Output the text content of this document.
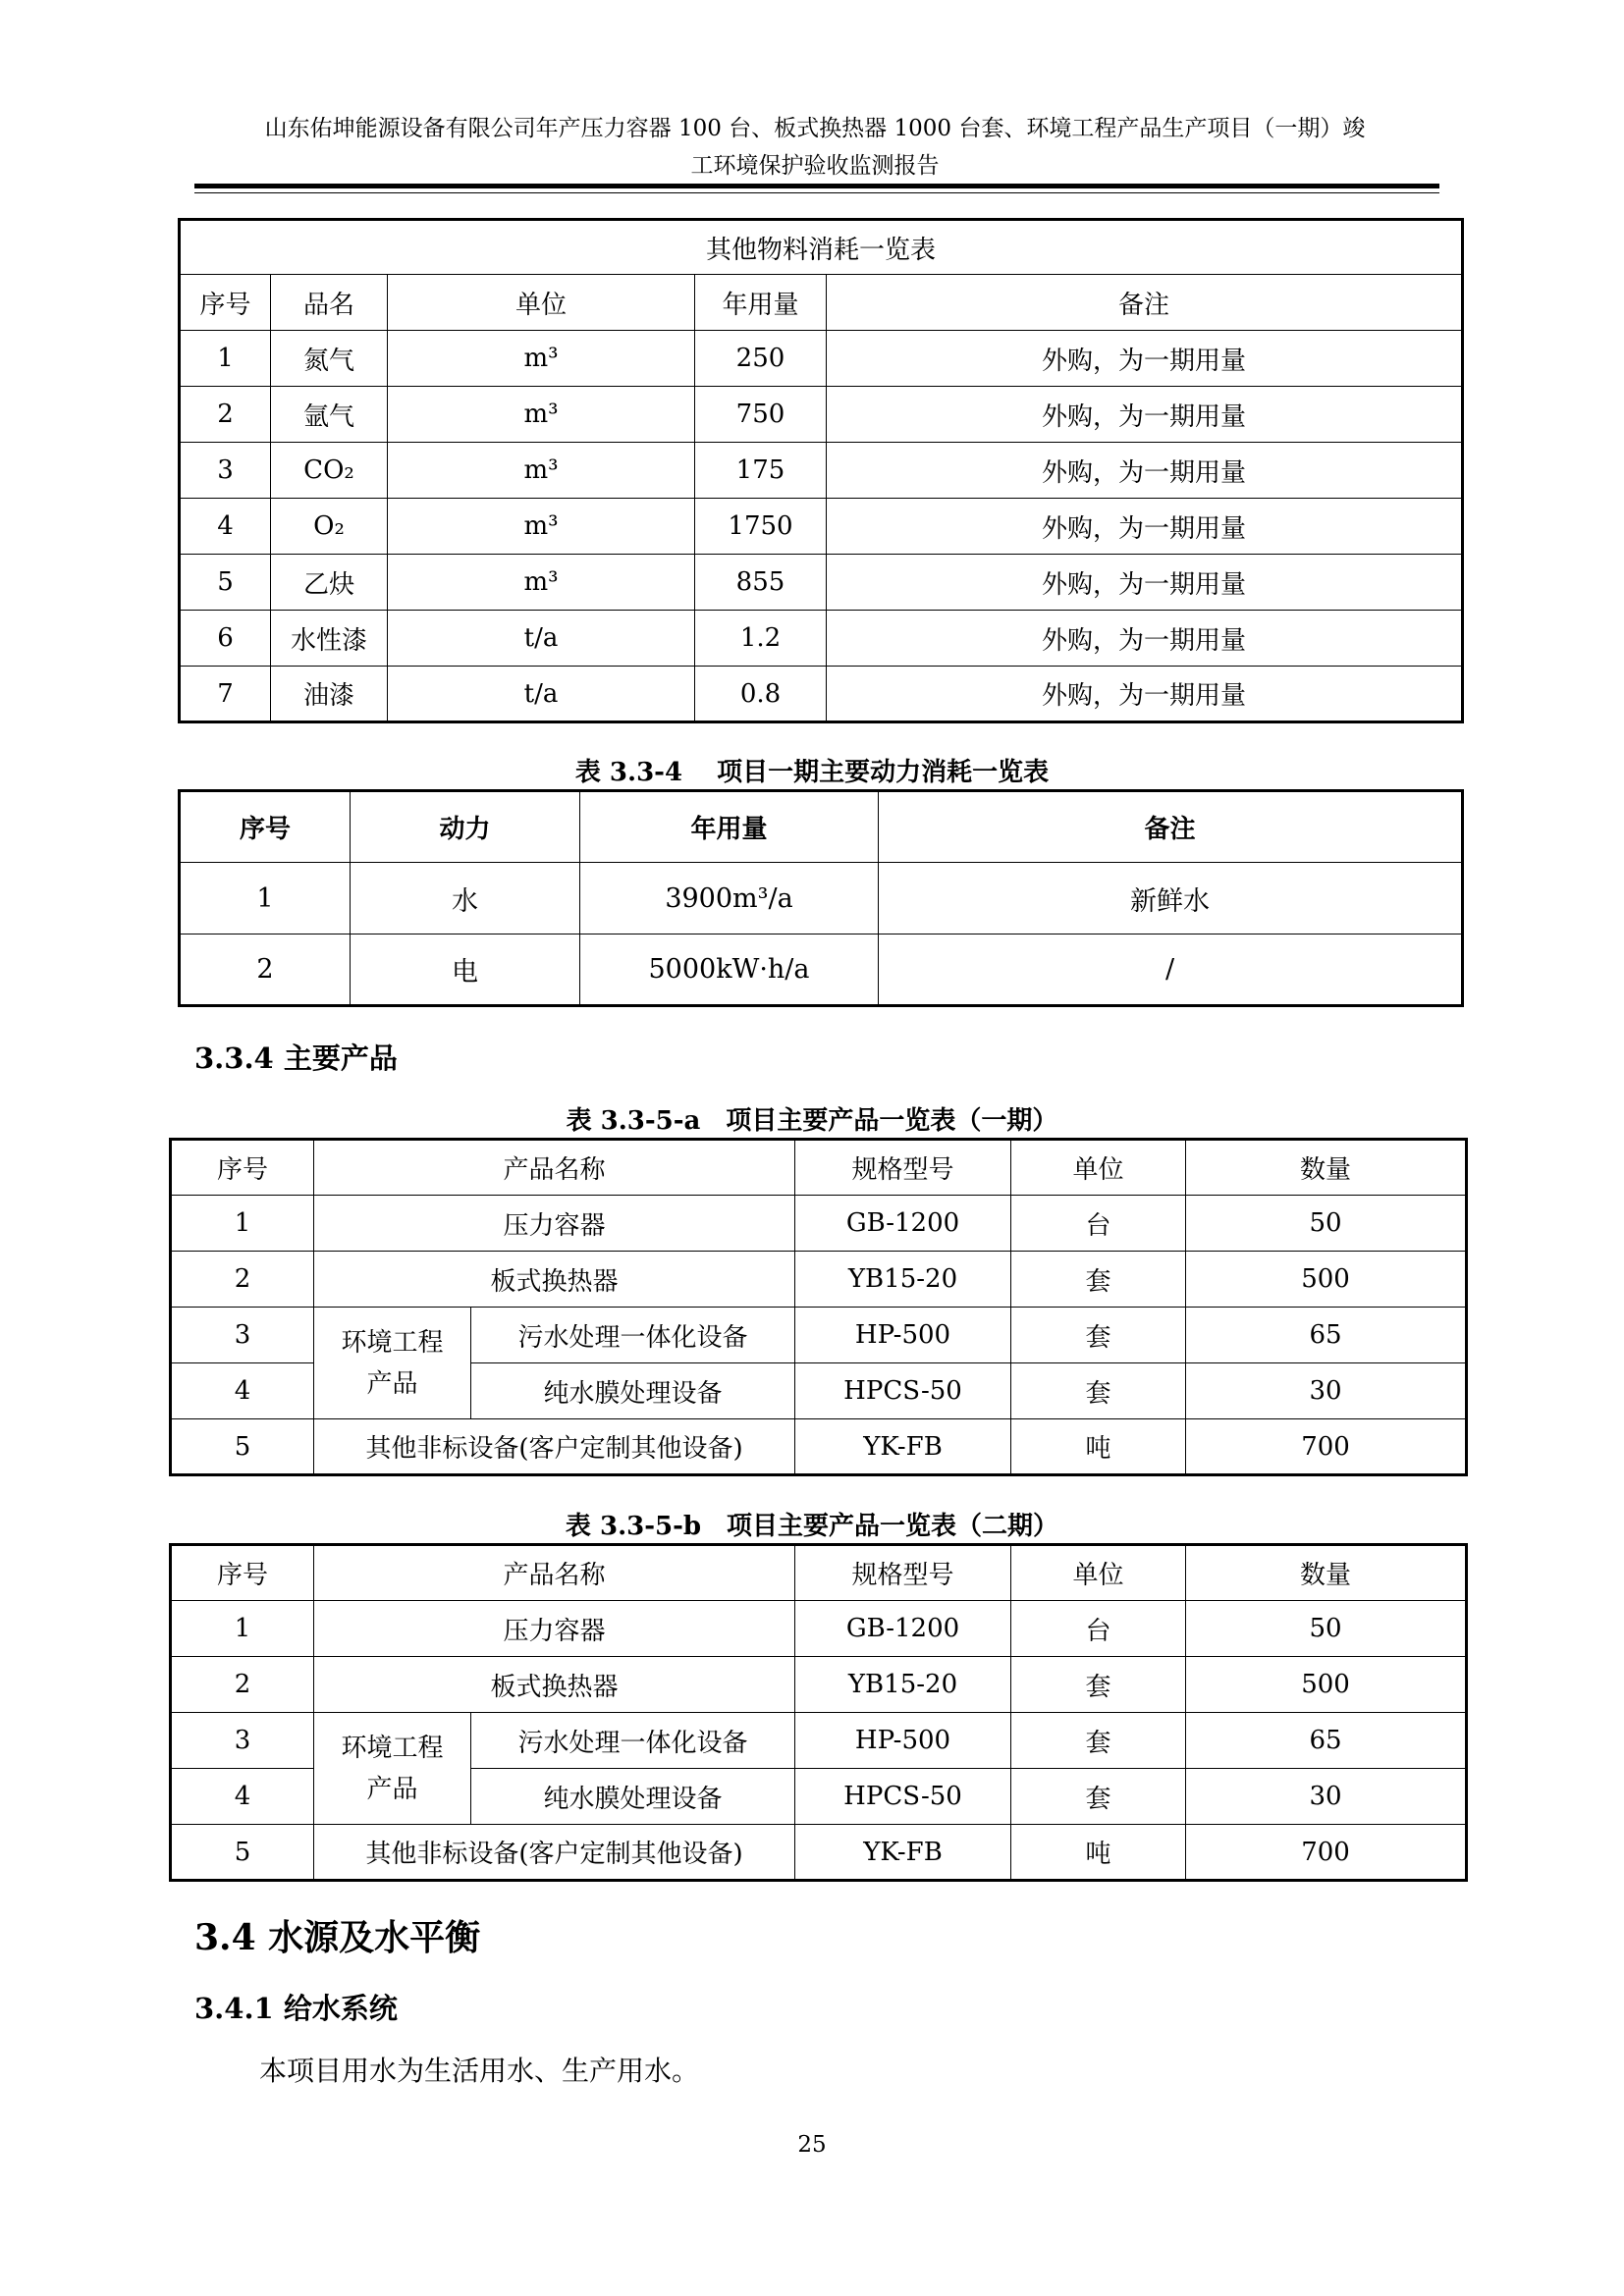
山东佑坤能源设备有限公司年产压力容器 100 台、板式换热器 1000 台套、环境工程产品生产项目（一期）竣
工环境保护验收监测报告
其他物料消耗一览表				
序号	品名	单位	年用量	备注
1	氮气	m³	250	外购，为一期用量
2	氩气	m³	750	外购，为一期用量
3	CO₂	m³	175	外购，为一期用量
4	O₂	m³	1750	外购，为一期用量
5	乙炔	m³	855	外购，为一期用量
6	水性漆	t/a	1.2	外购，为一期用量
7	油漆	t/a	0.8	外购，为一期用量
表 3.3-4　 项目一期主要动力消耗一览表
序号	动力	年用量	备注
1	水	3900m³/a	新鲜水
2	电	5000kW·h/a	/
3.3.4 主要产品
表 3.3-5-a　项目主要产品一览表（一期）
序号	产品名称		规格型号	单位	数量
1	压力容器		GB-1200	台	50
2	板式换热器		YB15-20	套	500
3	环境工程产品	污水处理一体化设备	HP-500	套	65
4		纯水膜处理设备	HPCS-50	套	30
5	其他非标设备(客户定制其他设备)		YK-FB	吨	700
表 3.3-5-b　项目主要产品一览表（二期）
序号	产品名称		规格型号	单位	数量
1	压力容器		GB-1200	台	50
2	板式换热器		YB15-20	套	500
3	环境工程产品	污水处理一体化设备	HP-500	套	65
4		纯水膜处理设备	HPCS-50	套	30
5	其他非标设备(客户定制其他设备)		YK-FB	吨	700
3.4 水源及水平衡
3.4.1 给水系统
本项目用水为生活用水、生产用水。
25
